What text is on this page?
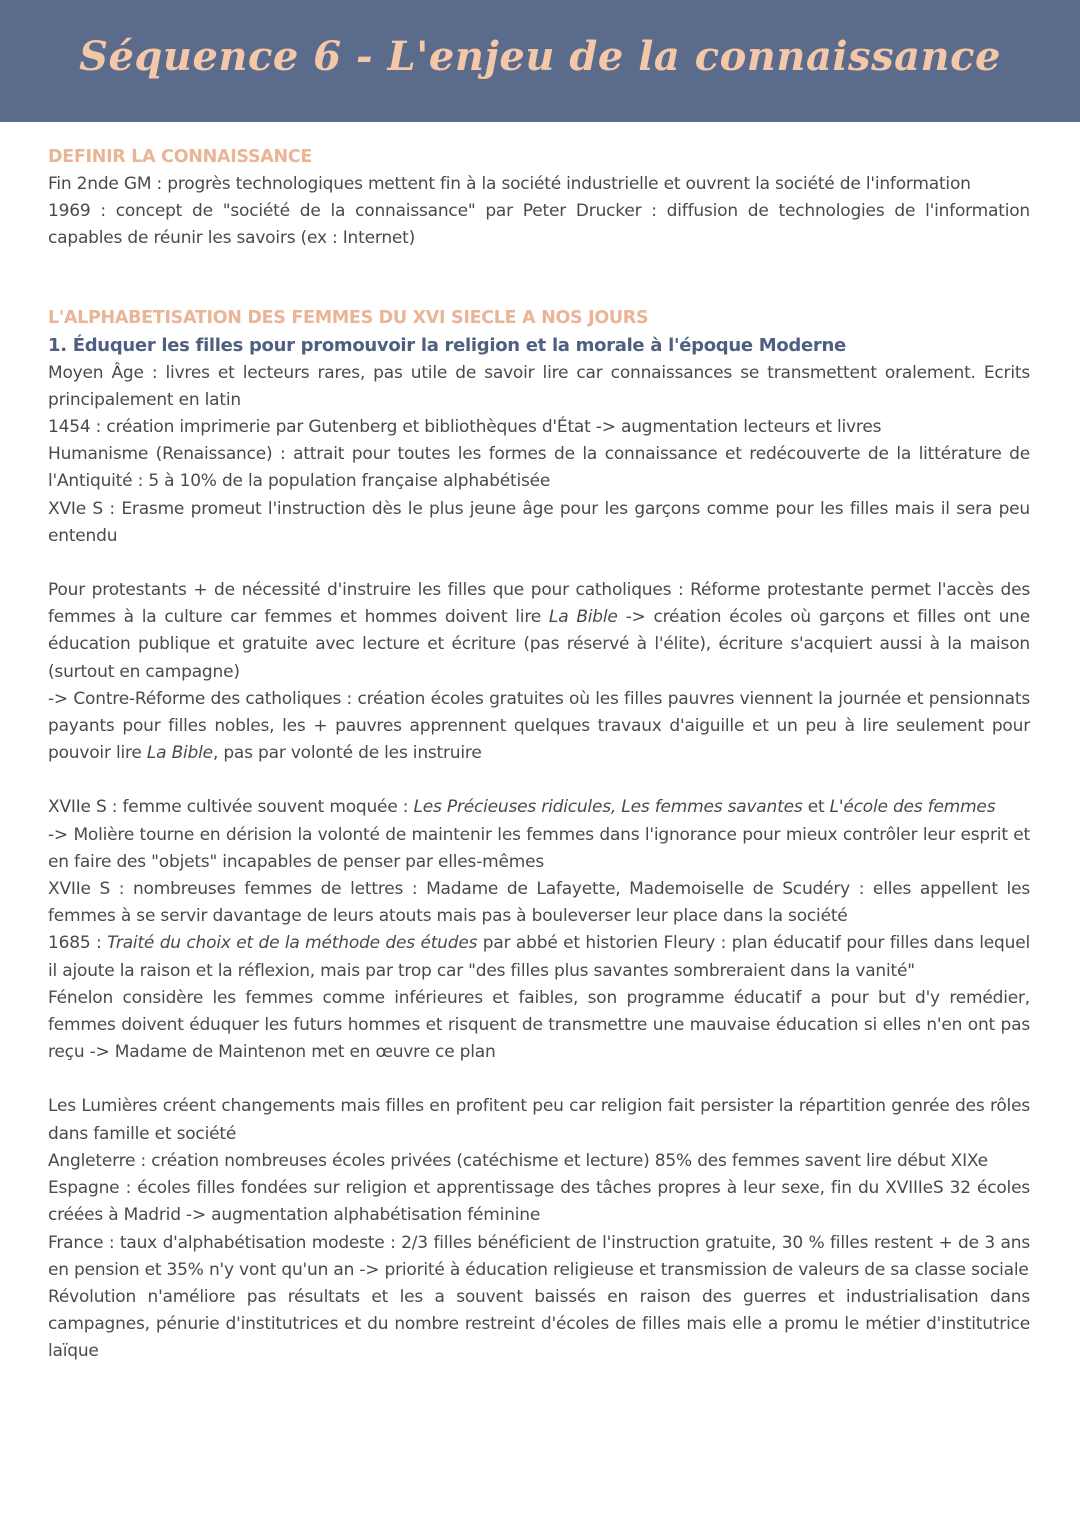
Séquence 6 - L'enjeu de la connaissance
DEFINIR LA CONNAISSANCE
Fin 2nde GM : progrès technologiques mettent fin à la société industrielle et ouvrent la société de l'information
1969 : concept de "société de la connaissance" par Peter Drucker : diffusion de technologies de l'information capables de réunir les savoirs (ex : Internet)
L'ALPHABETISATION DES FEMMES DU XVI SIECLE A NOS JOURS
1. Éduquer les filles pour promouvoir la religion et la morale à l'époque Moderne
Moyen Âge : livres et lecteurs rares, pas utile de savoir lire car connaissances se transmettent oralement. Ecrits principalement en latin
1454 : création imprimerie par Gutenberg et bibliothèques d'État -> augmentation lecteurs et livres
Humanisme (Renaissance) : attrait pour toutes les formes de la connaissance et redécouverte de la littérature de l'Antiquité : 5 à 10% de la population française alphabétisée
XVIe S : Erasme promeut l'instruction dès le plus jeune âge pour les garçons comme pour les filles mais il sera peu entendu
Pour protestants + de nécessité d'instruire les filles que pour catholiques : Réforme protestante permet l'accès des femmes à la culture car femmes et hommes doivent lire La Bible -> création écoles où garçons et filles ont une éducation publique et gratuite avec lecture et écriture (pas réservé à l'élite), écriture s'acquiert aussi à la maison (surtout en campagne)
-> Contre-Réforme des catholiques : création écoles gratuites où les filles pauvres viennent la journée et pensionnats payants pour filles nobles, les + pauvres apprennent quelques travaux d'aiguille et un peu à lire seulement pour pouvoir lire La Bible, pas par volonté de les instruire
XVIIe S : femme cultivée souvent moquée : Les Précieuses ridicules, Les femmes savantes et L'école des femmes
-> Molière tourne en dérision la volonté de maintenir les femmes dans l'ignorance pour mieux contrôler leur esprit et en faire des "objets" incapables de penser par elles-mêmes
XVIIe S : nombreuses femmes de lettres : Madame de Lafayette, Mademoiselle de Scudéry : elles appellent les femmes à se servir davantage de leurs atouts mais pas à bouleverser leur place dans la société
1685 : Traité du choix et de la méthode des études par abbé et historien Fleury : plan éducatif pour filles dans lequel il ajoute la raison et la réflexion, mais par trop car "des filles plus savantes sombreraient dans la vanité"
Fénelon considère les femmes comme inférieures et faibles, son programme éducatif a pour but d'y remédier, femmes doivent éduquer les futurs hommes et risquent de transmettre une mauvaise éducation si elles n'en ont pas reçu -> Madame de Maintenon met en œuvre ce plan
Les Lumières créent changements mais filles en profitent peu car religion fait persister la répartition genrée des rôles dans famille et société
Angleterre : création nombreuses écoles privées (catéchisme et lecture) 85% des femmes savent lire début XIXe
Espagne : écoles filles fondées sur religion et apprentissage des tâches propres à leur sexe, fin du XVIIIeS 32 écoles créées à Madrid -> augmentation alphabétisation féminine
France : taux d'alphabétisation modeste : 2/3 filles bénéficient de l'instruction gratuite, 30 % filles restent + de 3 ans en pension et 35% n'y vont qu'un an -> priorité à éducation religieuse et transmission de valeurs de sa classe sociale
Révolution n'améliore pas résultats et les a souvent baissés en raison des guerres et industrialisation dans campagnes, pénurie d'institutrices et du nombre restreint d'écoles de filles mais elle a promu le métier d'institutrice laïque
